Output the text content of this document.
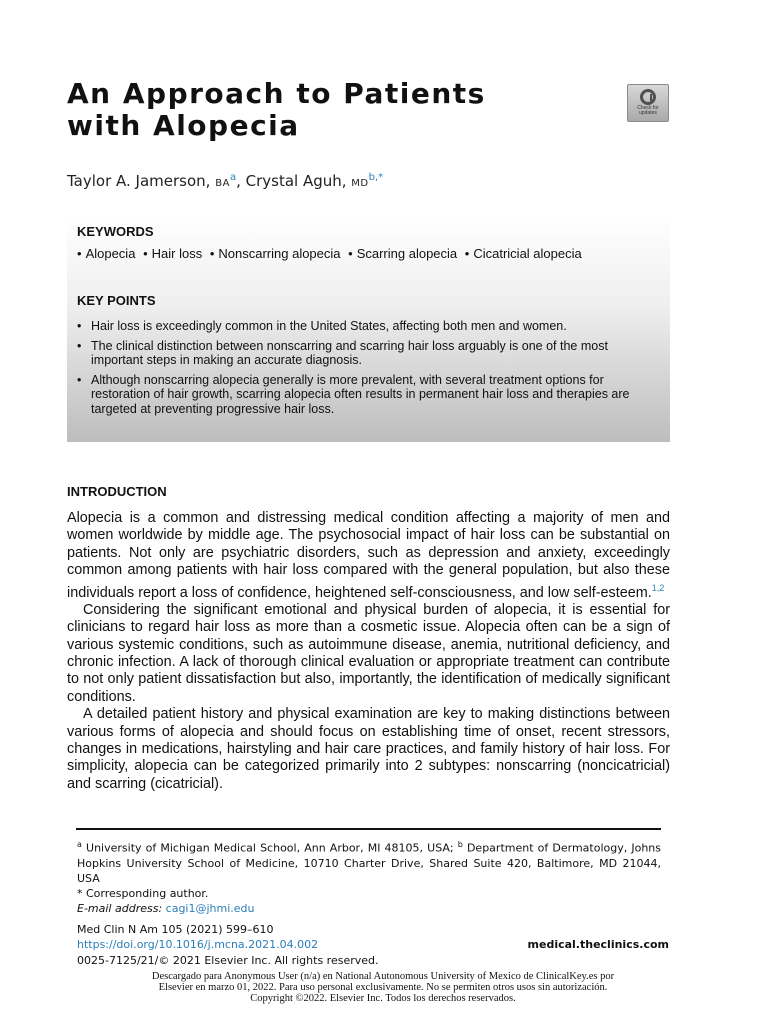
An Approach to Patients
with Alopecia
Check for updates
Taylor A. Jamerson, $BA^a$, Crystal Aguh, $MD^{b,*}$
KEYWORDS
• Alopecia • Hair loss • Nonscarring alopecia • Scarring alopecia • Cicatricial alopecia
KEY POINTS
• Hair loss is exceedingly common in the United States, affecting both men and women.
• The clinical distinction between nonscarring and scarring hair loss arguably is one of the most important steps in making an accurate diagnosis.
• Although nonscarring alopecia generally is more prevalent, with several treatment options for restoration of hair growth, scarring alopecia often results in permanent hair loss and therapies are targeted at preventing progressive hair loss.
INTRODUCTION

Alopecia is a common and distressing medical condition affecting a majority of men and women worldwide by middle age. The psychosocial impact of hair loss can be substantial on patients. Not only are psychiatric disorders, such as depression and anxiety, exceedingly common among patients with hair loss compared with the general population, but also these individuals report a loss of confidence, heightened self-consciousness, and low self-esteem.$^{1,2}$

Considering the significant emotional and physical burden of alopecia, it is essential for clinicians to regard hair loss as more than a cosmetic issue. Alopecia often can be a sign of various systemic conditions, such as autoimmune disease, anemia, nutritional deficiency, and chronic infection. A lack of thorough clinical evaluation or appropriate treatment can contribute to not only patient dissatisfaction but also, importantly, the identification of medically significant conditions.

A detailed patient history and physical examination are key to making distinctions between various forms of alopecia and should focus on establishing time of onset, recent stressors, changes in medications, hairstyling and hair care practices, and family history of hair loss. For simplicity, alopecia can be categorized primarily into 2 subtypes: nonscarring (noncicatricial) and scarring (cicatricial).

$^a$ University of Michigan Medical School, Ann Arbor, MI 48105, USA; $^b$ Department of Dermatology, Johns Hopkins University School of Medicine, 10710 Charter Drive, Shared Suite 420, Baltimore, MD 21044, USA

* Corresponding author.

E-mail address: cagi1@jhmi.edu

Med Clin N Am 105 (2021) 599–610
https://doi.org/10.1016/j.mcna.2021.04.002	medical.theclinics.com
0025-7125/21/© 2021 Elsevier Inc. All rights reserved.
Descargado para Anonymous User (n/a) en National Autonomous University of Mexico de ClinicalKey.es por Elsevier en marzo 01, 2022. Para uso personal exclusivamente. No se permiten otros usos sin autorización. Copyright ©2022. Elsevier Inc. Todos los derechos reservados.
